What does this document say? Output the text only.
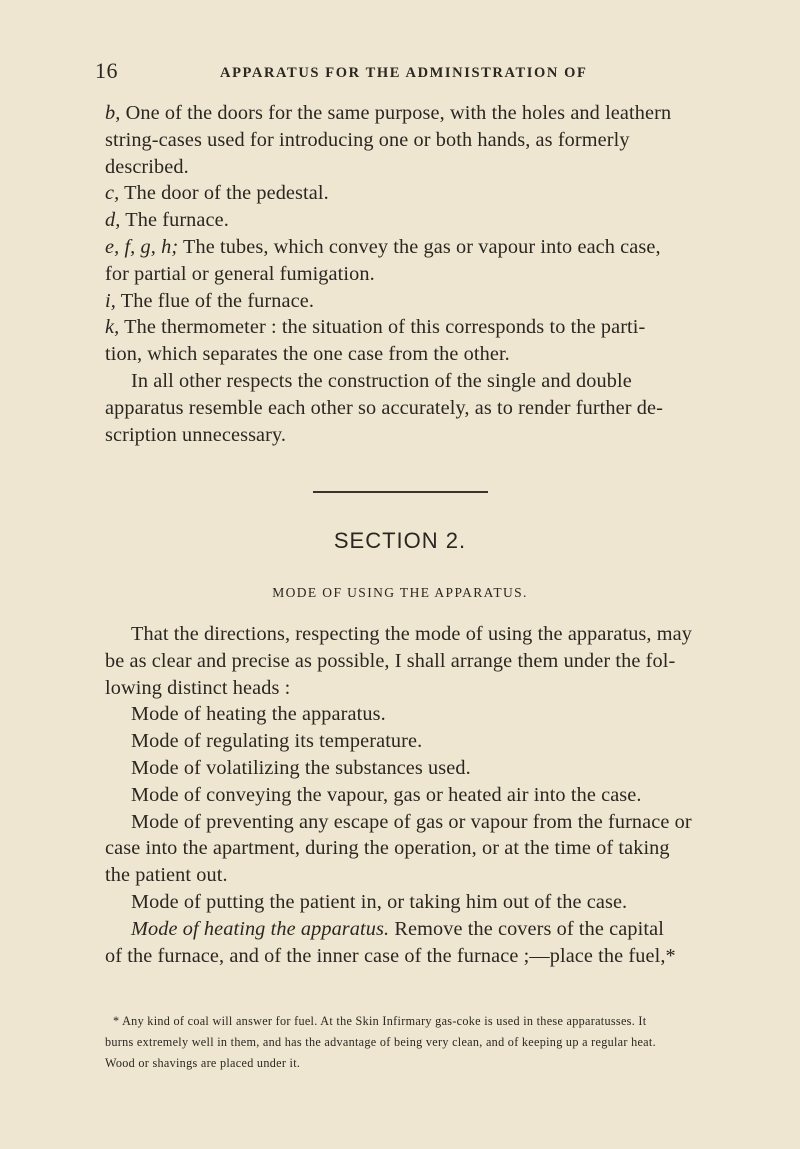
16	APPARATUS FOR THE ADMINISTRATION OF

b, One of the doors for the same purpose, with the holes and leathern
string-cases used for introducing one or both hands, as formerly
described.

c, The door of the pedestal.

d, The furnace.

e, f, g, h; The tubes, which convey the gas or vapour into each case,
for partial or general fumigation.

i, The flue of the furnace.

k, The thermometer : the situation of this corresponds to the parti-
tion, which separates the one case from the other.

In all other respects the construction of the single and double
apparatus resemble each other so accurately, as to render further de-
scription unnecessary.

SECTION 2.
MODE OF USING THE APPARATUS.

That the directions, respecting the mode of using the apparatus, may
be as clear and precise as possible, I shall arrange them under the fol-
lowing distinct heads :

Mode of heating the apparatus.

Mode of regulating its temperature.

Mode of volatilizing the substances used.

Mode of conveying the vapour, gas or heated air into the case.

Mode of preventing any escape of gas or vapour from the furnace or
case into the apartment, during the operation, or at the time of taking
the patient out.

Mode of putting the patient in, or taking him out of the case.

Mode of heating the apparatus. Remove the covers of the capital
of the furnace, and of the inner case of the furnace ;—place the fuel,*

* Any kind of coal will answer for fuel. At the Skin Infirmary gas-coke is used in these apparatusses. It
burns extremely well in them, and has the advantage of being very clean, and of keeping up a regular heat.
Wood or shavings are placed under it.
